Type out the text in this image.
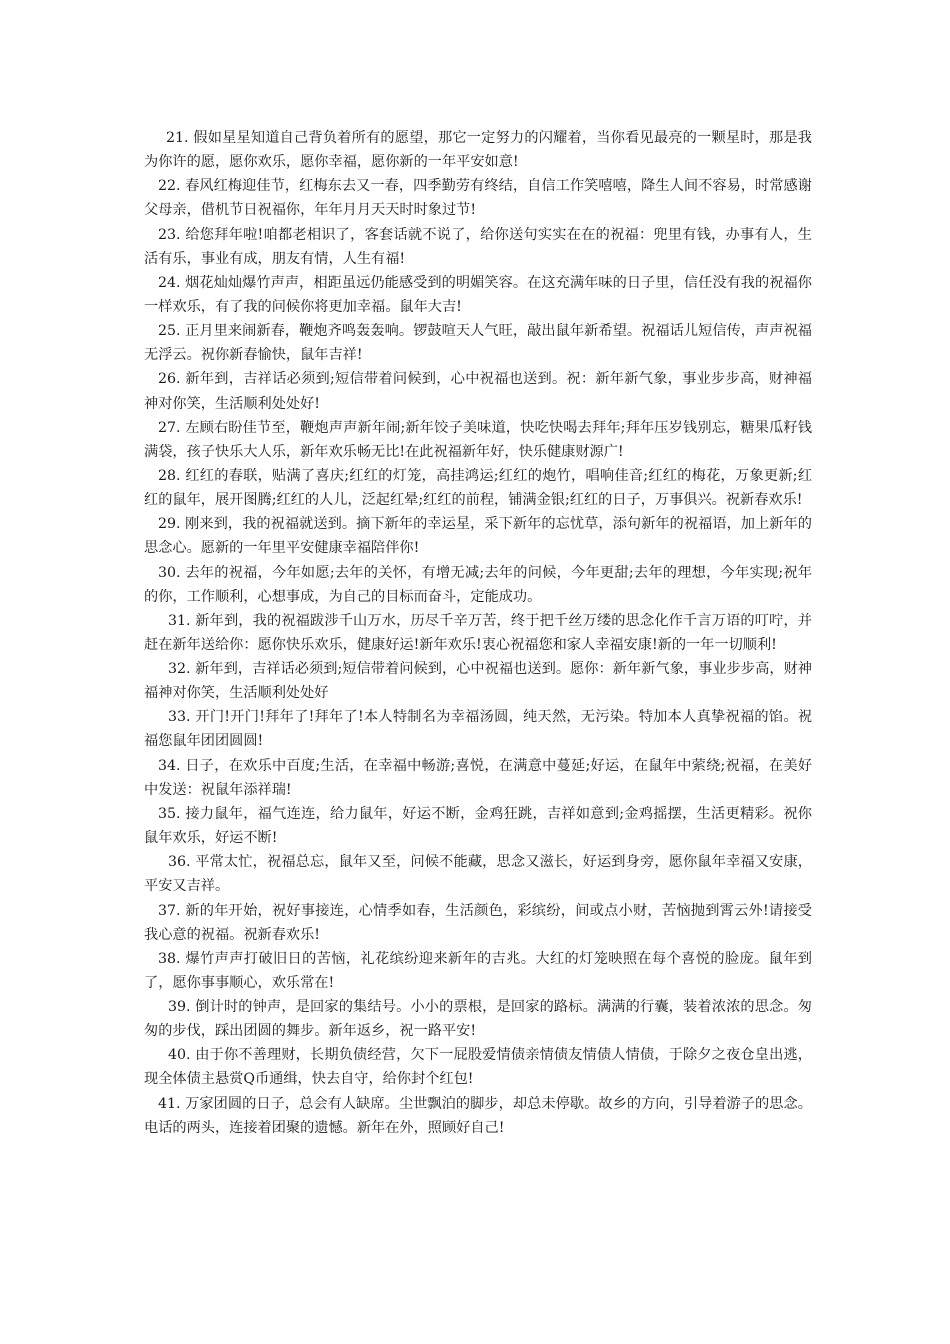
21. 假如星星知道自己背负着所有的愿望，那它一定努力的闪耀着，当你看见最亮的一颗星时，那是我为你许的愿，愿你欢乐，愿你幸福，愿你新的一年平安如意!

22. 春风红梅迎佳节，红梅东去又一春，四季勤劳有终结，自信工作笑嘻嘻，降生人间不容易，时常感谢父母亲，借机节日祝福你，年年月月天天时时象过节!

23. 给您拜年啦!咱都老相识了，客套话就不说了，给你送句实实在在的祝福：兜里有钱，办事有人，生活有乐，事业有成，朋友有情，人生有福!

24. 烟花灿灿爆竹声声，相距虽远仍能感受到的明媚笑容。在这充满年味的日子里，信任没有我的祝福你一样欢乐，有了我的问候你将更加幸福。鼠年大吉!

25. 正月里来闹新春，鞭炮齐鸣轰轰响。锣鼓喧天人气旺，敲出鼠年新希望。祝福话儿短信传，声声祝福无浮云。祝你新春愉快，鼠年吉祥!

26. 新年到，吉祥话必须到;短信带着问候到，心中祝福也送到。祝：新年新气象，事业步步高，财神福神对你笑，生活顺利处处好!

27. 左顾右盼佳节至，鞭炮声声新年闹;新年饺子美味道，快吃快喝去拜年;拜年压岁钱别忘，糖果瓜籽钱满袋，孩子快乐大人乐，新年欢乐畅无比!在此祝福新年好，快乐健康财源广!

28. 红红的春联，贴满了喜庆;红红的灯笼，高挂鸿运;红红的炮竹，唱响佳音;红红的梅花，万象更新;红红的鼠年，展开图腾;红红的人儿，泛起红晕;红红的前程，铺满金银;红红的日子，万事俱兴。祝新春欢乐!

29. 刚来到，我的祝福就送到。摘下新年的幸运星，采下新年的忘忧草，添句新年的祝福语，加上新年的思念心。愿新的一年里平安健康幸福陪伴你!

30. 去年的祝福，今年如愿;去年的关怀，有增无减;去年的问候，今年更甜;去年的理想，今年实现;祝年的你，工作顺利，心想事成，为自己的目标而奋斗，定能成功。

31. 新年到，我的祝福跋涉千山万水，历尽千辛万苦，终于把千丝万缕的思念化作千言万语的叮咛，并赶在新年送给你：愿你快乐欢乐，健康好运!新年欢乐!衷心祝福您和家人幸福安康!新的一年一切顺利!

32. 新年到，吉祥话必须到;短信带着问候到，心中祝福也送到。愿你：新年新气象，事业步步高，财神福神对你笑，生活顺利处处好

33. 开门!开门!拜年了!拜年了!本人特制名为幸福汤圆，纯天然，无污染。特加本人真挚祝福的馅。祝福您鼠年团团圆圆!

34. 日子，在欢乐中百度;生活，在幸福中畅游;喜悦，在满意中蔓延;好运，在鼠年中萦绕;祝福，在美好中发送：祝鼠年添祥瑞!

35. 接力鼠年，福气连连，给力鼠年，好运不断，金鸡狂跳，吉祥如意到;金鸡摇摆，生活更精彩。祝你鼠年欢乐，好运不断!

36. 平常太忙，祝福总忘，鼠年又至，问候不能藏，思念又滋长，好运到身旁，愿你鼠年幸福又安康，平安又吉祥。

37. 新的年开始，祝好事接连，心情季如春，生活颜色，彩缤纷，间或点小财，苦恼抛到霄云外!请接受我心意的祝福。祝新春欢乐!

38. 爆竹声声打破旧日的苦恼，礼花缤纷迎来新年的吉兆。大红的灯笼映照在每个喜悦的脸庞。鼠年到了，愿你事事顺心，欢乐常在!

39. 倒计时的钟声，是回家的集结号。小小的票根，是回家的路标。满满的行囊，装着浓浓的思念。匆匆的步伐，踩出团圆的舞步。新年返乡，祝一路平安!

40. 由于你不善理财，长期负债经营，欠下一屁股爱情债亲情债友情债人情债，于除夕之夜仓皇出逃，现全体债主悬赏Q币通缉，快去自守，给你封个红包!

41. 万家团圆的日子，总会有人缺席。尘世飘泊的脚步，却总未停歇。故乡的方向，引导着游子的思念。电话的两头，连接着团聚的遗憾。新年在外，照顾好自己!
